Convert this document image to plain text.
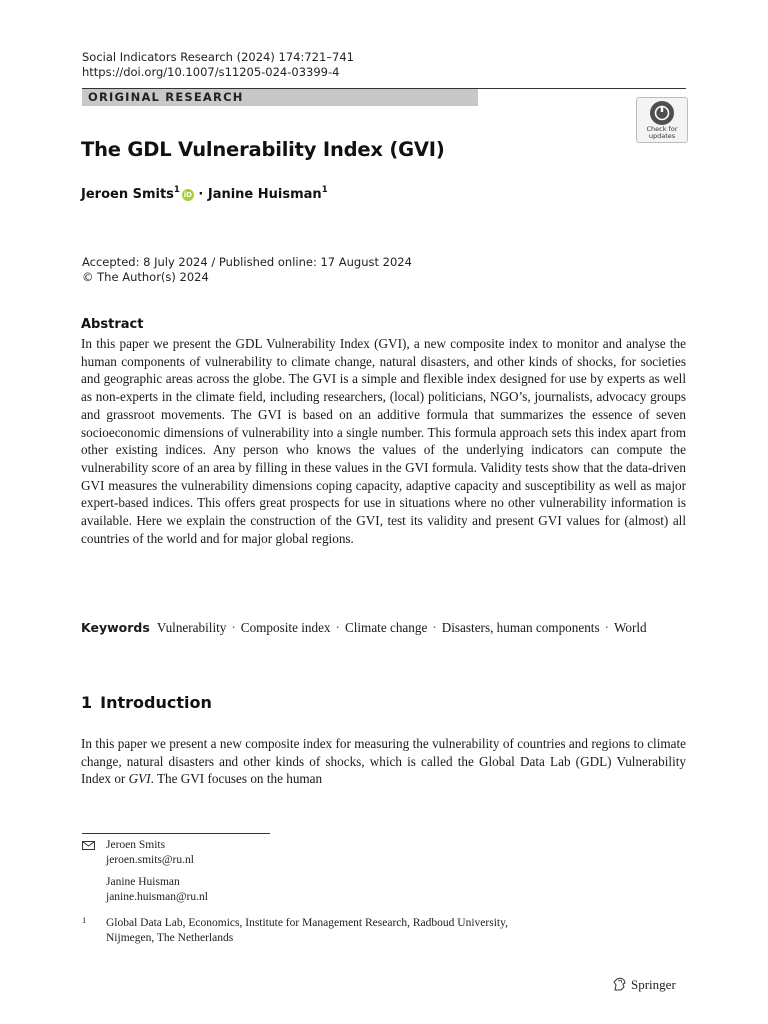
Social Indicators Research (2024) 174:721–741
https://doi.org/10.1007/s11205-024-03399-4
ORIGINAL RESEARCH
Check for
updates
The GDL Vulnerability Index (GVI)
Jeroen Smits$^1$ iD · Janine Huisman$^1$
Accepted: 8 July 2024 / Published online: 17 August 2024
© The Author(s) 2024
Abstract
In this paper we present the GDL Vulnerability Index (GVI), a new composite index to monitor and analyse the human components of vulnerability to climate change, natural disasters, and other kinds of shocks, for societies and geographic areas across the globe. The GVI is a simple and flexible index designed for use by experts as well as non-experts in the climate field, including researchers, (local) politicians, NGO’s, journalists, advocacy groups and grassroot movements. The GVI is based on an additive formula that summarizes the essence of seven socioeconomic dimensions of vulnerability into a single number. This formula approach sets this index apart from other existing indices. Any person who knows the values of the underlying indicators can compute the vulnerability score of an area by filling in these values in the GVI formula. Validity tests show that the data-driven GVI measures the vulnerability dimensions coping capacity, adaptive capacity and susceptibility as well as major expert-based indices. This offers great prospects for use in situations where no other vulnerability information is available. Here we explain the construction of the GVI, test its validity and present GVI values for (almost) all countries of the world and for major global regions.
Keywords Vulnerability · Composite index · Climate change · Disasters, human components · World
1 Introduction
In this paper we present a new composite index for measuring the vulnerability of countries and regions to climate change, natural disasters and other kinds of shocks, which is called the Global Data Lab (GDL) Vulnerability Index or GVI. The GVI focuses on the human
Jeroen Smits
jeroen.smits@ru.nl
Janine Huisman
janine.huisman@ru.nl
1 Global Data Lab, Economics, Institute for Management Research, Radboud University,
Nijmegen, The Netherlands
Springer
